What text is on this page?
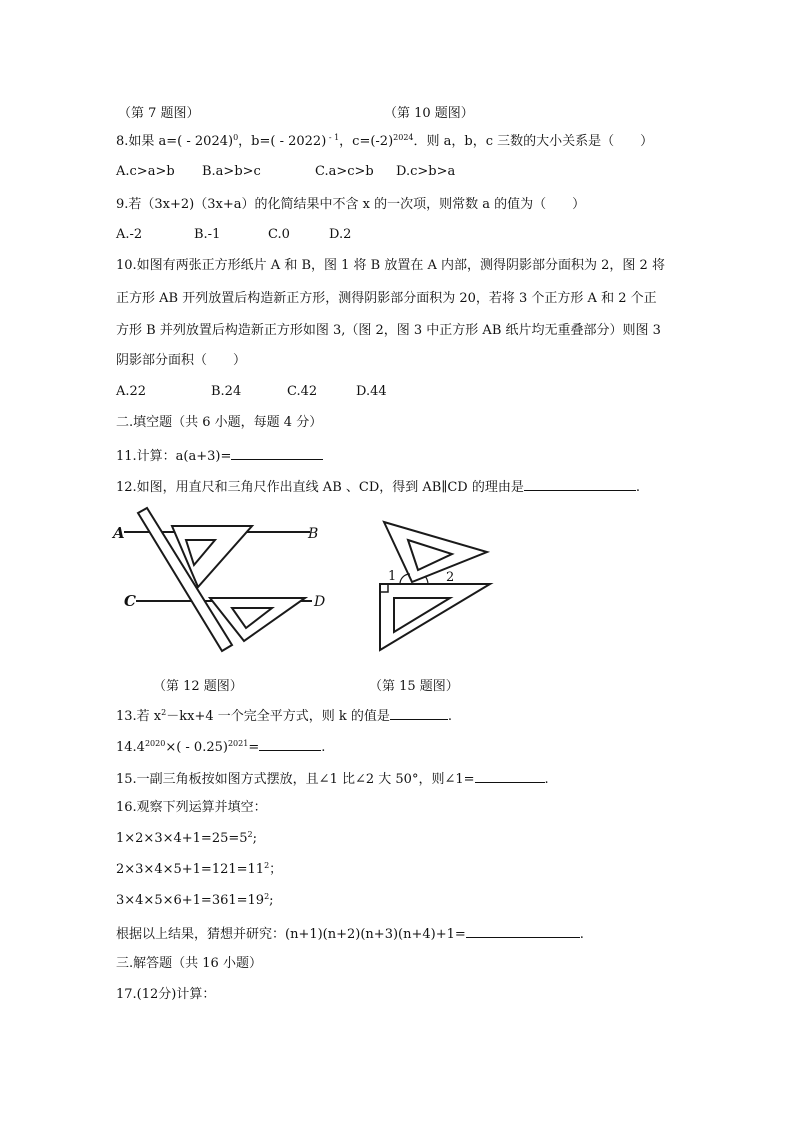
（第 7 题图）	（第 10 题图）
8.如果 a=( - 2024)$^0$，b=( - 2022) $^{- 1}$，$c=(-2)^{2024}$．则 a，b，c 三数的大小关系是（　　）
A.c>a>b B.a>b>c	C.a>c>b D.c>b>a
9.若（3x+2)（3x+a）的化简结果中不含 x 的一次项，则常数 a 的值为（　　）
A.-2	B.-1	C.0	D.2
10.如图有两张正方形纸片 A 和 B，图 1 将 B 放置在 A 内部，测得阴影部分面积为 2，图 2 将
正方形 AB 开列放置后构造新正方形，测得阴影部分面积为 20，若将 3 个正方形 A 和 2 个正
方形 B 并列放置后构造新正方形如图 3,（图 2，图 3 中正方形 AB 纸片均无重叠部分）则图 3
阴影部分面积（　　）
A.22	B.24	C.42	D.44
二.填空题（共 6 小题，每题 4 分）
11.计算：a(a+3)=
12.如图，用直尺和三角尺作出直线 AB 、CD，得到 AB∥CD 的理由是	.
A	B
C	D
1	2
（第 12 题图）	（第 15 题图）
13.若 $x^2-kx+4$ 一个完全平方式，则 k 的值是	.
$14.4^{2020}\times( - 0.25)^{2021}=$	.
15.一副三角板按如图方式摆放，且∠1 比∠2 大 50°，则∠1=	.
16.观察下列运算并填空：
$1\times 2\times 3\times 4+1=25=5^2$;
$2\times 3\times 4\times 5+1=121=11^2$；
$3\times 4\times 5\times 6+1=361=19^2$;
根据以上结果，猜想并研究：(n+1)(n+2)(n+3)(n+4)+1=	.
三.解答题（共 16 小题）
17.(12分)计算：
